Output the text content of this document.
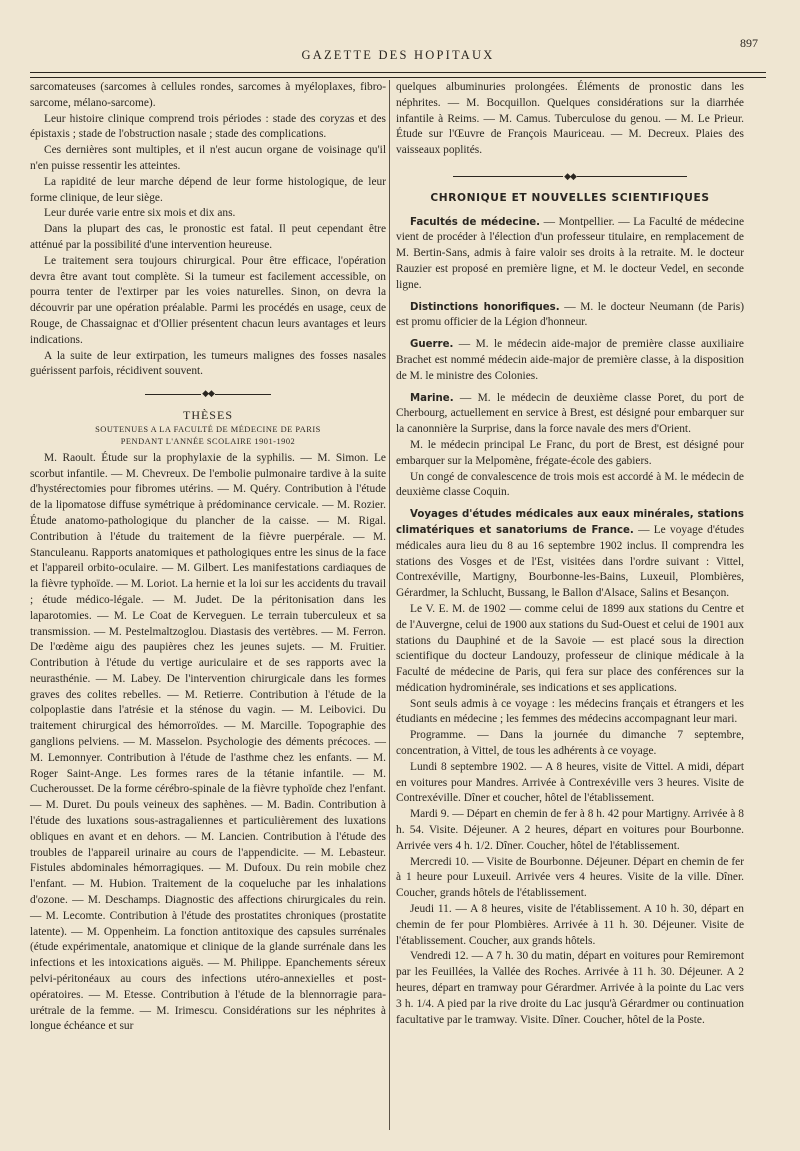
GAZETTE DES HOPITAUX
897

sarcomateuses (sarcomes à cellules rondes, sarcomes à myéloplaxes, fibro-sarcome, mélano-sarcome).

Leur histoire clinique comprend trois périodes : stade des coryzas et des épistaxis ; stade de l'obstruction nasale ; stade des complications.

Ces dernières sont multiples, et il n'est aucun organe de voisinage qu'il n'en puisse ressentir les atteintes.

La rapidité de leur marche dépend de leur forme histologique, de leur forme clinique, de leur siège.

Leur durée varie entre six mois et dix ans.

Dans la plupart des cas, le pronostic est fatal. Il peut cependant être atténué par la possibilité d'une intervention heureuse.

Le traitement sera toujours chirurgical. Pour être efficace, l'opération devra être avant tout complète. Si la tumeur est facilement accessible, on pourra tenter de l'extirper par les voies naturelles. Sinon, on devra la découvrir par une opération préalable. Parmi les procédés en usage, ceux de Rouge, de Chassaignac et d'Ollier présentent chacun leurs avantages et leurs indications.

A la suite de leur extirpation, les tumeurs malignes des fosses nasales guérissent parfois, récidivent souvent.

◆◆
THÈSES
SOUTENUES A LA FACULTÉ DE MÉDECINE DE PARIS
PENDANT L'ANNÉE SCOLAIRE 1901-1902

M. Raoult. Étude sur la prophylaxie de la syphilis. — M. Simon. Le scorbut infantile. — M. Chevreux. De l'embolie pulmonaire tardive à la suite d'hystérectomies pour fibromes utérins. — M. Quéry. Contribution à l'étude de la lipomatose diffuse symétrique à prédominance cervicale. — M. Rozier. Étude anatomo-pathologique du plancher de la caisse. — M. Rigal. Contribution à l'étude du traitement de la fièvre puerpérale. — M. Stanculeanu. Rapports anatomiques et pathologiques entre les sinus de la face et l'appareil orbito-oculaire. — M. Gilbert. Les manifestations cardiaques de la fièvre typhoïde. — M. Loriot. La hernie et la loi sur les accidents du travail ; étude médico-légale. — M. Judet. De la péritonisation dans les laparotomies. — M. Le Coat de Kerveguen. Le terrain tuberculeux et sa transmission. — M. Pestelmaltzoglou. Diastasis des vertèbres. — M. Ferron. De l'œdème aigu des paupières chez les jeunes sujets. — M. Fruitier. Contribution à l'étude du vertige auriculaire et de ses rapports avec la neurasthénie. — M. Labey. De l'intervention chirurgicale dans les formes graves des colites rebelles. — M. Retierre. Contribution à l'étude de la colpoplastie dans l'atrésie et la sténose du vagin. — M. Leibovici. Du traitement chirurgical des hémorroïdes. — M. Marcille. Topographie des ganglions pelviens. — M. Masselon. Psychologie des déments précoces. — M. Lemonnyer. Contribution à l'étude de l'asthme chez les enfants. — M. Roger Saint-Ange. Les formes rares de la tétanie infantile. — M. Cucherousset. De la forme cérébro-spinale de la fièvre typhoïde chez l'enfant. — M. Duret. Du pouls veineux des saphènes. — M. Badin. Contribution à l'étude des luxations sous-astragaliennes et particulièrement des luxations obliques en avant et en dehors. — M. Lancien. Contribution à l'étude des troubles de l'appareil urinaire au cours de l'appendicite. — M. Lebasteur. Fistules abdominales hémorragiques. — M. Dufoux. Du rein mobile chez l'enfant. — M. Hubion. Traitement de la coqueluche par les inhalations d'ozone. — M. Deschamps. Diagnostic des affections chirurgicales du rein. — M. Lecomte. Contribution à l'étude des prostatites chroniques (prostatite latente). — M. Oppenheim. La fonction antitoxique des capsules surrénales (étude expérimentale, anatomique et clinique de la glande surrénale dans les infections et les intoxications aiguës. — M. Philippe. Epanchements séreux pelvi-péritonéaux au cours des infections utéro-annexielles et post-opératoires. — M. Etesse. Contribution à l'étude de la blennorragie para-urétrale de la femme. — M. Irimescu. Considérations sur les néphrites à longue échéance et sur

quelques albuminuries prolongées. Éléments de pronostic dans les néphrites. — M. Bocquillon. Quelques considérations sur la diarrhée infantile à Reims. — M. Camus. Tuberculose du genou. — M. Le Prieur. Étude sur l'Œuvre de François Mauriceau. — M. Decreux. Plaies des vaisseaux poplités.

◆◆
CHRONIQUE ET NOUVELLES SCIENTIFIQUES

Facultés de médecine. — Montpellier. — La Faculté de médecine vient de procéder à l'élection d'un professeur titulaire, en remplacement de M. Bertin-Sans, admis à faire valoir ses droits à la retraite. M. le docteur Rauzier est proposé en première ligne, et M. le docteur Vedel, en seconde ligne.

Distinctions honorifiques. — M. le docteur Neumann (de Paris) est promu officier de la Légion d'honneur.

Guerre. — M. le médecin aide-major de première classe auxiliaire Brachet est nommé médecin aide-major de première classe, à la disposition de M. le ministre des Colonies.

Marine. — M. le médecin de deuxième classe Poret, du port de Cherbourg, actuellement en service à Brest, est désigné pour embarquer sur la canonnière la Surprise, dans la force navale des mers d'Orient.

M. le médecin principal Le Franc, du port de Brest, est désigné pour embarquer sur la Melpomène, frégate-école des gabiers.

Un congé de convalescence de trois mois est accordé à M. le médecin de deuxième classe Coquin.

Voyages d'études médicales aux eaux minérales, stations climatériques et sanatoriums de France. — Le voyage d'études médicales aura lieu du 8 au 16 septembre 1902 inclus. Il comprendra les stations des Vosges et de l'Est, visitées dans l'ordre suivant : Vittel, Contrexéville, Martigny, Bourbonne-les-Bains, Luxeuil, Plombières, Gérardmer, la Schlucht, Bussang, le Ballon d'Alsace, Salins et Besançon.

Le V. E. M. de 1902 — comme celui de 1899 aux stations du Centre et de l'Auvergne, celui de 1900 aux stations du Sud-Ouest et celui de 1901 aux stations du Dauphiné et de la Savoie — est placé sous la direction scientifique du docteur Landouzy, professeur de clinique médicale à la Faculté de médecine de Paris, qui fera sur place des conférences sur la médication hydrominérale, ses indications et ses applications.

Sont seuls admis à ce voyage : les médecins français et étrangers et les étudiants en médecine ; les femmes des médecins accompagnant leur mari.

Programme. — Dans la journée du dimanche 7 septembre, concentration, à Vittel, de tous les adhérents à ce voyage.

Lundi 8 septembre 1902. — A 8 heures, visite de Vittel. A midi, départ en voitures pour Mandres. Arrivée à Contrexéville vers 3 heures. Visite de Contrexéville. Dîner et coucher, hôtel de l'établissement.

Mardi 9. — Départ en chemin de fer à 8 h. 42 pour Martigny. Arrivée à 8 h. 54. Visite. Déjeuner. A 2 heures, départ en voitures pour Bourbonne. Arrivée vers 4 h. 1/2. Dîner. Coucher, hôtel de l'établissement.

Mercredi 10. — Visite de Bourbonne. Déjeuner. Départ en chemin de fer à 1 heure pour Luxeuil. Arrivée vers 4 heures. Visite de la ville. Dîner. Coucher, grands hôtels de l'établissement.

Jeudi 11. — A 8 heures, visite de l'établissement. A 10 h. 30, départ en chemin de fer pour Plombières. Arrivée à 11 h. 30. Déjeuner. Visite de l'établissement. Coucher, aux grands hôtels.

Vendredi 12. — A 7 h. 30 du matin, départ en voitures pour Remiremont par les Feuillées, la Vallée des Roches. Arrivée à 11 h. 30. Déjeuner. A 2 heures, départ en tramway pour Gérardmer. Arrivée à la pointe du Lac vers 3 h. 1/4. A pied par la rive droite du Lac jusqu'à Gérardmer ou continuation facultative par le tramway. Visite. Dîner. Coucher, hôtel de la Poste.
